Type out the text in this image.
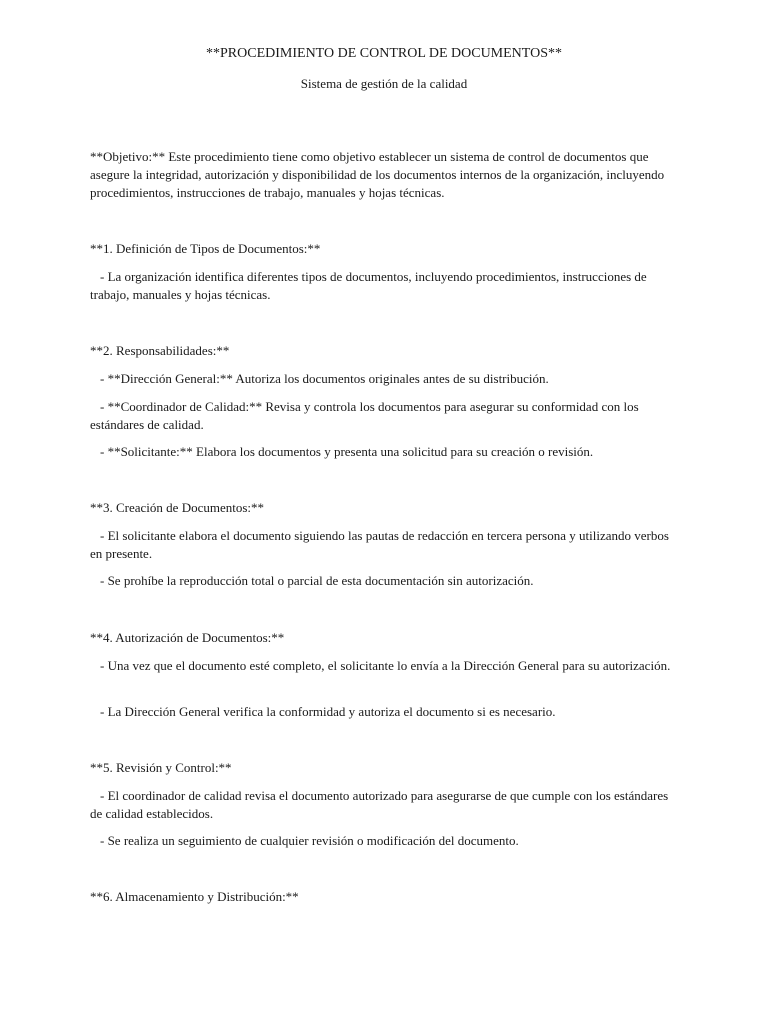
**PROCEDIMIENTO DE CONTROL DE DOCUMENTOS**
Sistema de gestión de la calidad
**Objetivo:** Este procedimiento tiene como objetivo establecer un sistema de control de documentos que asegure la integridad, autorización y disponibilidad de los documentos internos de la organización, incluyendo procedimientos, instrucciones de trabajo, manuales y hojas técnicas.
**1. Definición de Tipos de Documentos:**
- La organización identifica diferentes tipos de documentos, incluyendo procedimientos, instrucciones de trabajo, manuales y hojas técnicas.
**2. Responsabilidades:**
- **Dirección General:** Autoriza los documentos originales antes de su distribución.
- **Coordinador de Calidad:** Revisa y controla los documentos para asegurar su conformidad con los estándares de calidad.
- **Solicitante:** Elabora los documentos y presenta una solicitud para su creación o revisión.
**3. Creación de Documentos:**
- El solicitante elabora el documento siguiendo las pautas de redacción en tercera persona y utilizando verbos en presente.
- Se prohíbe la reproducción total o parcial de esta documentación sin autorización.
**4. Autorización de Documentos:**
- Una vez que el documento esté completo, el solicitante lo envía a la Dirección General para su autorización.
- La Dirección General verifica la conformidad y autoriza el documento si es necesario.
**5. Revisión y Control:**
- El coordinador de calidad revisa el documento autorizado para asegurarse de que cumple con los estándares de calidad establecidos.
- Se realiza un seguimiento de cualquier revisión o modificación del documento.
**6. Almacenamiento y Distribución:**
